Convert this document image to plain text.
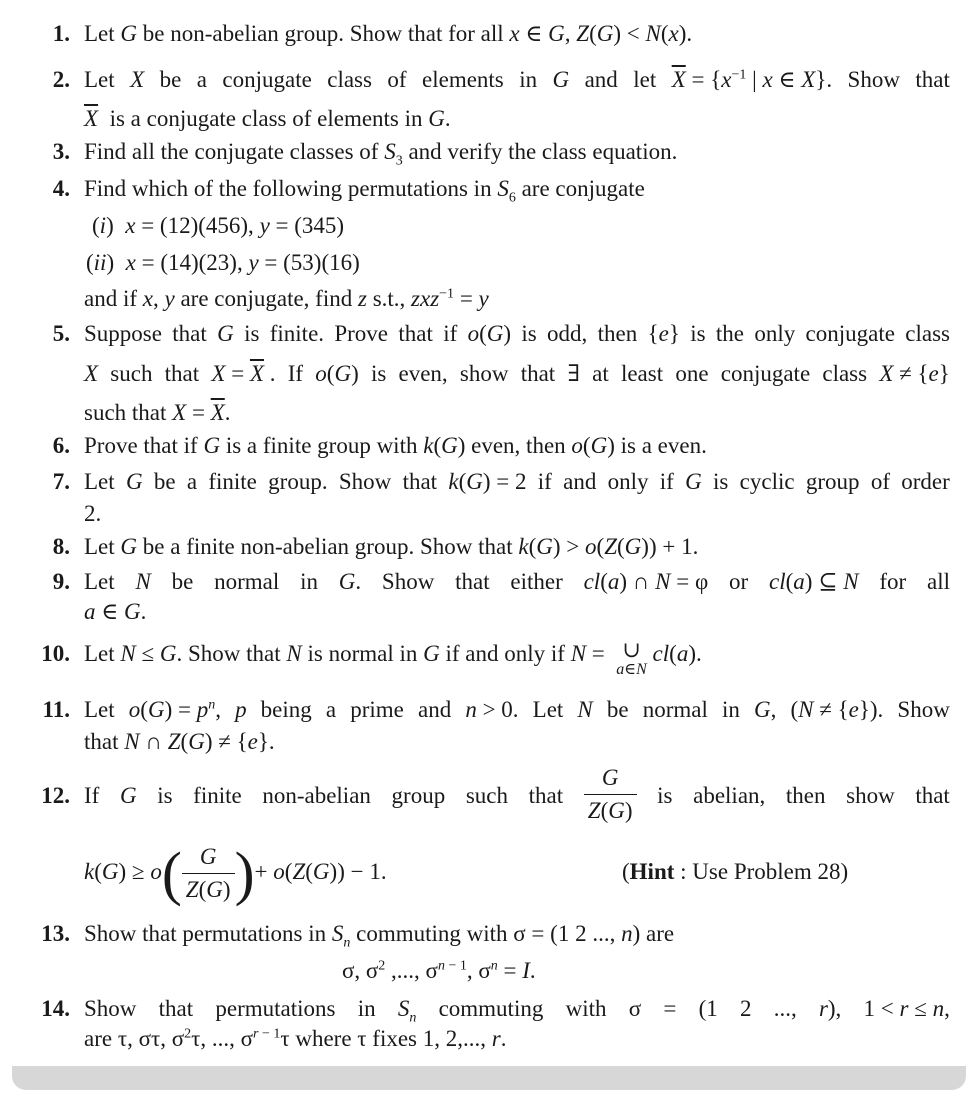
1.
2.
3.
4.
5.
6.
7.
8.
9.
10.
11.
12.
13.
14.
Let G be non-abelian group. Show that for all x ∈ G, Z(G) < N(x).
Let X be a conjugate class of elements in G and let $\overline{X} = \{x^{-1}$ | x ∈ X}. Show that
$\overline{X}$  is a conjugate class of elements in G.
Find all the conjugate classes of $S_3$ and verify the class equation.
Find which of the following permutations in $S_6$ are conjugate
(i)  x = (12)(456), y = (345)
(ii)  x = (14)(23), y = (53)(16)
and if x, y are conjugate, find z s.t., zxz$^{-1}$ = y
Suppose that G is finite. Prove that if o(G) is odd, then {e} is the only conjugate class
X such that $X = \overline{X}$ . If o(G) is even, show that ∃ at least one conjugate class X ≠ {e}
such that $X = \overline{X}$.
Prove that if G is a finite group with k(G) even, then o(G) is a even.
Let G be a finite group. Show that k(G) = 2 if and only if G is cyclic group of order
2.
Let G be a finite non-abelian group. Show that k(G) > o(Z(G)) + 1.
Let N be normal in G. Show that either cl(a) ∩ N = φ or cl(a) ⊆ N for all
a ∈ G.
Let N ≤ G. Show that N is normal in G if and only if N = ∪
a∈N
cl(a).
Let $o(G) = p^n$, p being a prime and n > 0. Let N be normal in G, (N ≠ {e}). Show
that N ∩ Z(G) ≠ {e}.
If G is finite non-abelian group such that $\frac{G}{Z(G)}$ is abelian, then show that
$k(G) \ge o( \frac{G}{Z(G)}$ )+ o(Z(G)) − 1.	(Hint : Use Problem 28)
Show that permutations in $S_n$ commuting with σ = (1 2 ..., n) are
σ, $\sigma^2$ ,..., $\sigma^{n - 1}$, $\sigma^n = I$.
Show that permutations in $S_n$ commuting with σ = (1 2 ..., r), 1 < r ≤ n,
are τ, στ, $\sigma^2\tau$, ..., $\sigma^{r - 1}\tau$ where τ fixes 1, 2,..., r.
